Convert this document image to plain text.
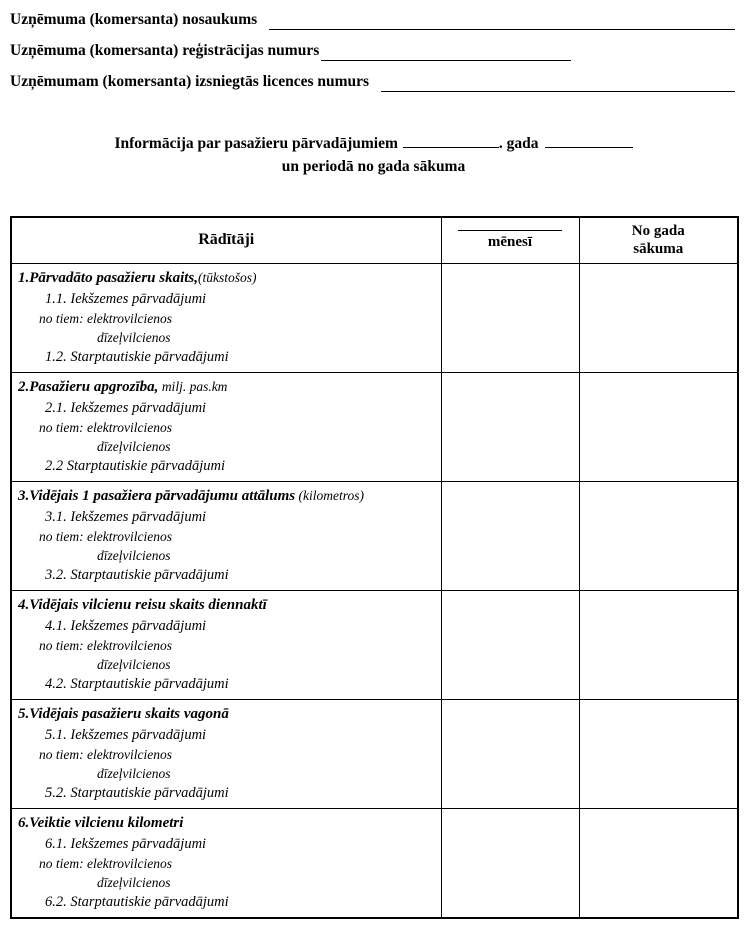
Uzņēmuma (komersanta) nosaukums
Uzņēmuma (komersanta) reģistrācijas numurs
Uzņēmumam (komersanta) izsniegtās licences numurs
Informācija par pasažieru pārvadājumiem	. gada
un periodā no gada sākuma
Rādītāji	mēnesī	No gada sākuma

1.Pārvadāto pasažieru skaits,(tūkstošos)
1.1. Iekšzemes pārvadājumi
no tiem: elektrovilcienos
dīzeļvilcienos
1.2. Starptautiskie pārvadājumi		

2.Pasažieru apgrozība, milj. pas.km
2.1. Iekšzemes pārvadājumi
no tiem: elektrovilcienos
dīzeļvilcienos
2.2 Starptautiskie pārvadājumi		

3.Vidējais 1 pasažiera pārvadājumu attālums (kilometros)
3.1. Iekšzemes pārvadājumi
no tiem: elektrovilcienos
dīzeļvilcienos
3.2. Starptautiskie pārvadājumi		

4.Vidējais vilcienu reisu skaits diennaktī
4.1. Iekšzemes pārvadājumi
no tiem: elektrovilcienos
dīzeļvilcienos
4.2. Starptautiskie pārvadājumi		

5.Vidējais pasažieru skaits vagonā
5.1. Iekšzemes pārvadājumi
no tiem: elektrovilcienos
dīzeļvilcienos
5.2. Starptautiskie pārvadājumi		

6.Veiktie vilcienu kilometri
6.1. Iekšzemes pārvadājumi
no tiem: elektrovilcienos
dīzeļvilcienos
6.2. Starptautiskie pārvadājumi		
